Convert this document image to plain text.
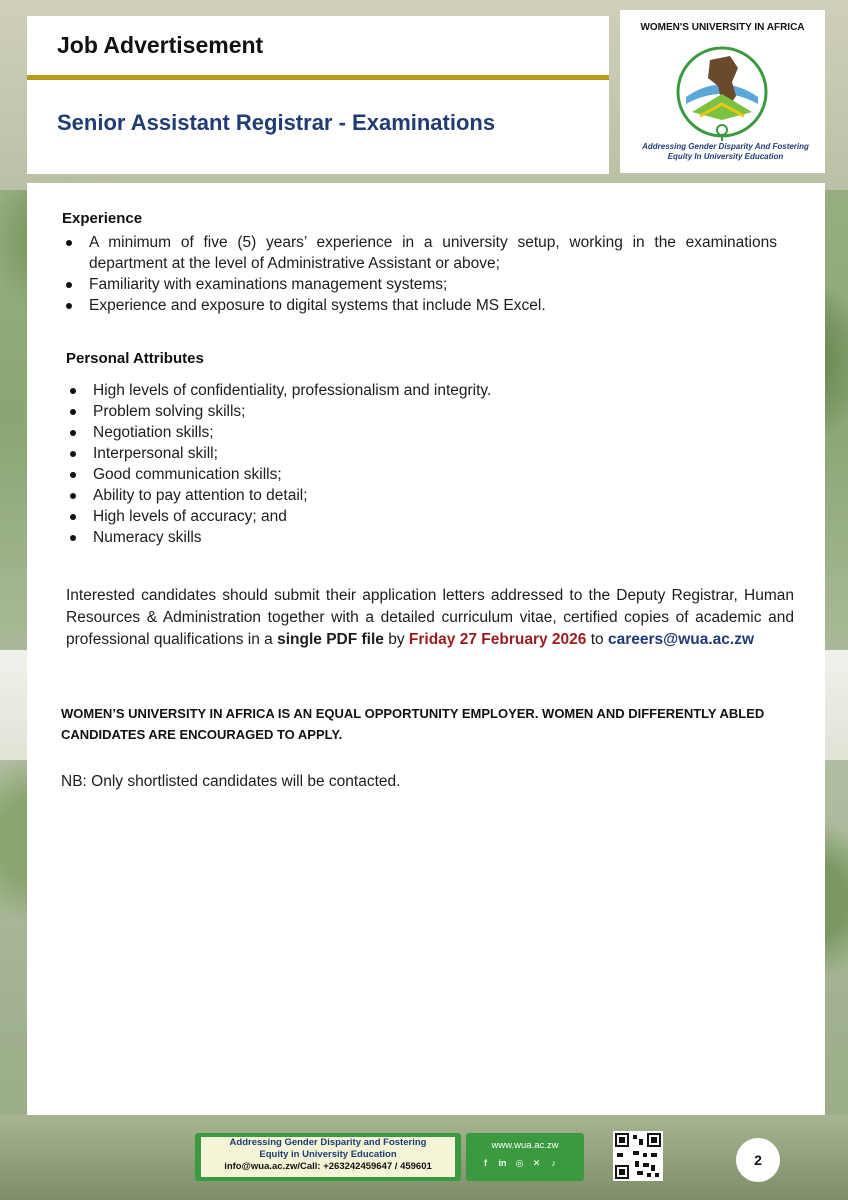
Job Advertisement
Senior Assistant Registrar - Examinations
WOMEN'S UNIVERSITY IN AFRICA
Addressing Gender Disparity And Fostering
Equity In University Education
Experience
A minimum of five (5) years’ experience in a university setup, working in the examinations department at the level of Administrative Assistant or above;
Familiarity with examinations management systems;
Experience and exposure to digital systems that include MS Excel.
Personal Attributes
High levels of confidentiality, professionalism and integrity.
Problem solving skills;
Negotiation skills;
Interpersonal skill;
Good communication skills;
Ability to pay attention to detail;
High levels of accuracy; and
Numeracy skills
Interested candidates should submit their application letters addressed to the Deputy Registrar, Human Resources & Administration together with a detailed curriculum vitae, certified copies of academic and professional qualifications in a single PDF file by Friday 27 February 2026 to careers@wua.ac.zw
WOMEN’S UNIVERSITY IN AFRICA IS AN EQUAL OPPORTUNITY EMPLOYER. WOMEN AND DIFFERENTLY ABLED CANDIDATES ARE ENCOURAGED TO APPLY.
NB: Only shortlisted candidates will be contacted.
Addressing Gender Disparity and Fostering
Equity in University Education
info@wua.ac.zw/Call: +263242459647 / 459601
www.wua.ac.zw
f	in ◎ ✕	♪	2
